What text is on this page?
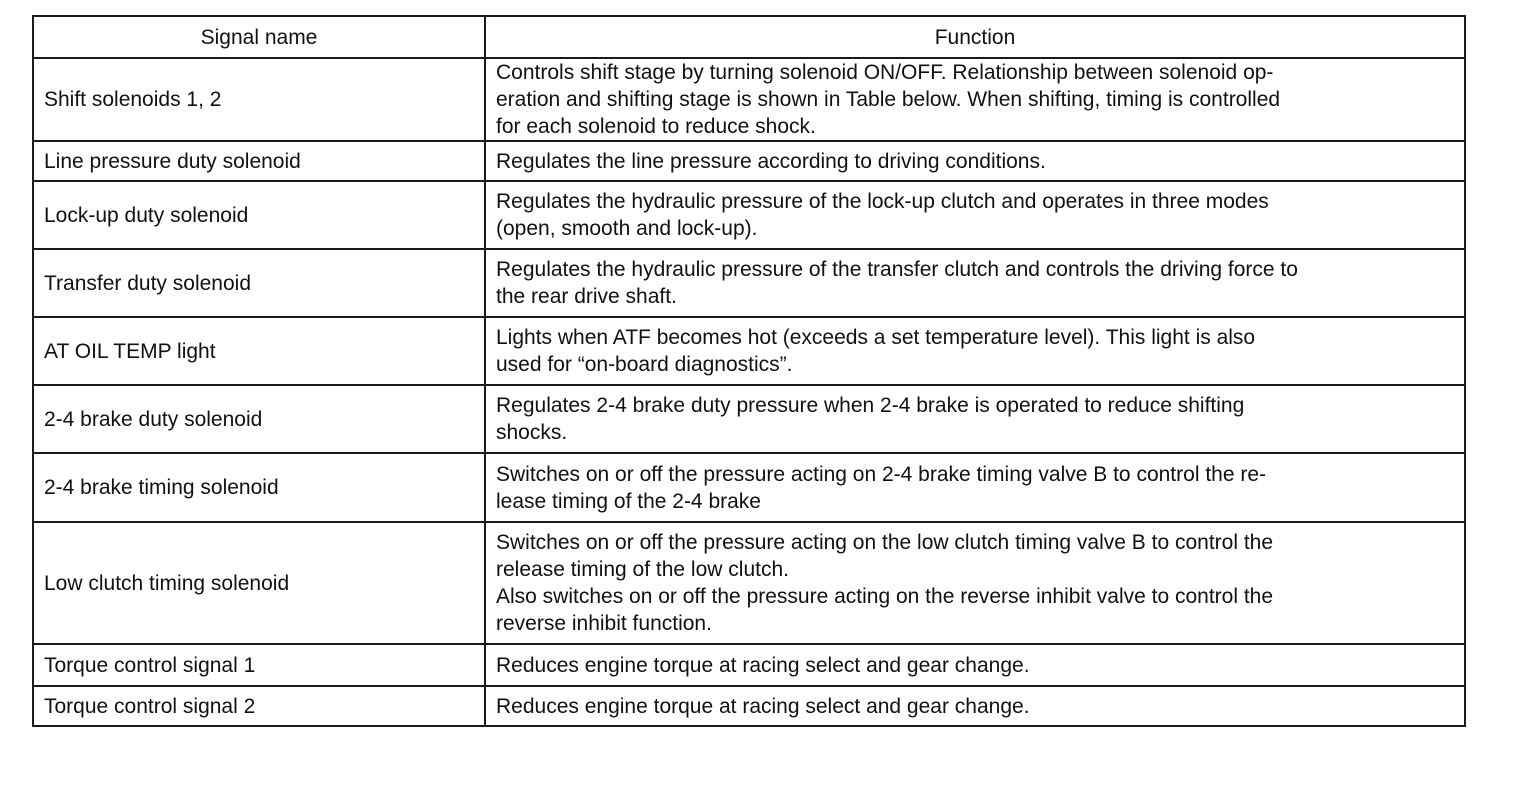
Signal name	Function
Shift solenoids 1, 2	Controls shift stage by turning solenoid ON/OFF. Relationship between solenoid op-
eration and shifting stage is shown in Table below. When shifting, timing is controlled
for each solenoid to reduce shock.
Line pressure duty solenoid	Regulates the line pressure according to driving conditions.
Lock-up duty solenoid	Regulates the hydraulic pressure of the lock-up clutch and operates in three modes
(open, smooth and lock-up).
Transfer duty solenoid	Regulates the hydraulic pressure of the transfer clutch and controls the driving force to
the rear drive shaft.
AT OIL TEMP light	Lights when ATF becomes hot (exceeds a set temperature level). This light is also
used for “on-board diagnostics”.
2-4 brake duty solenoid	Regulates 2-4 brake duty pressure when 2-4 brake is operated to reduce shifting
shocks.
2-4 brake timing solenoid	Switches on or off the pressure acting on 2-4 brake timing valve B to control the re-
lease timing of the 2-4 brake
Low clutch timing solenoid	Switches on or off the pressure acting on the low clutch timing valve B to control the
release timing of the low clutch.
Also switches on or off the pressure acting on the reverse inhibit valve to control the
reverse inhibit function.
Torque control signal 1	Reduces engine torque at racing select and gear change.
Torque control signal 2	Reduces engine torque at racing select and gear change.
